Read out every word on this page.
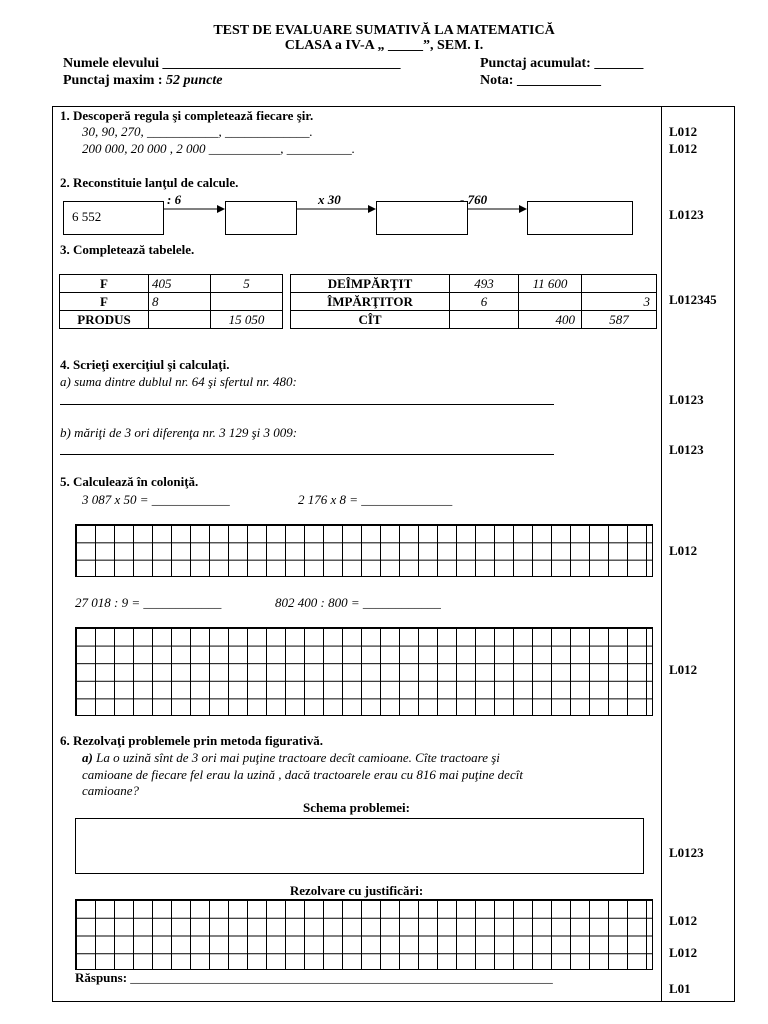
TEST DE EVALUARE SUMATIVĂ LA MATEMATICĂ
CLASA a IV-A „ _____”, SEM. I.
Numele elevului __________________________________	Punctaj acumulat: _______
Punctaj maxim : 52 puncte	Nota: ____________
1. Descoperă regula şi completează fiecare şir.
30, 90, 270, ___________, _____________.
200 000, 20 000 , 2 000 ___________, __________.
2. Reconstituie lanţul de calcule.
6 552
: 6	x 30	- 760
3. Completează tabelele.
F	405	5
F	8	
PRODUS		15 050
DEÎMPĂRŢIT	493	11 600	
ÎMPĂRŢITOR	6		3
CÎT		400	587
4. Scrieţi exerciţiul şi calculaţi.
a) suma dintre dublul nr. 64 şi sfertul nr. 480:
b) măriţi de 3 ori diferenţa nr. 3 129 şi 3 009:
5. Calculează în coloniţă.
3 087 x 50 = ____________	2 176 x 8 = ______________
27 018 : 9 = ____________	802 400 : 800 = ____________
6. Rezolvaţi problemele prin metoda figurativă.
a) La o uzină sînt de 3 ori mai puţine tractoare decît camioane. Cîte tractoare şi
camioane de fiecare fel erau la uzină , dacă tractoarele erau cu 816 mai puţine decît
camioane?
Schema problemei:
Rezolvare cu justificări:
Răspuns: _________________________________________________________________
L012
L012
L0123
L012345
L0123
L0123
L012
L012
L0123
L012
L012
L01
